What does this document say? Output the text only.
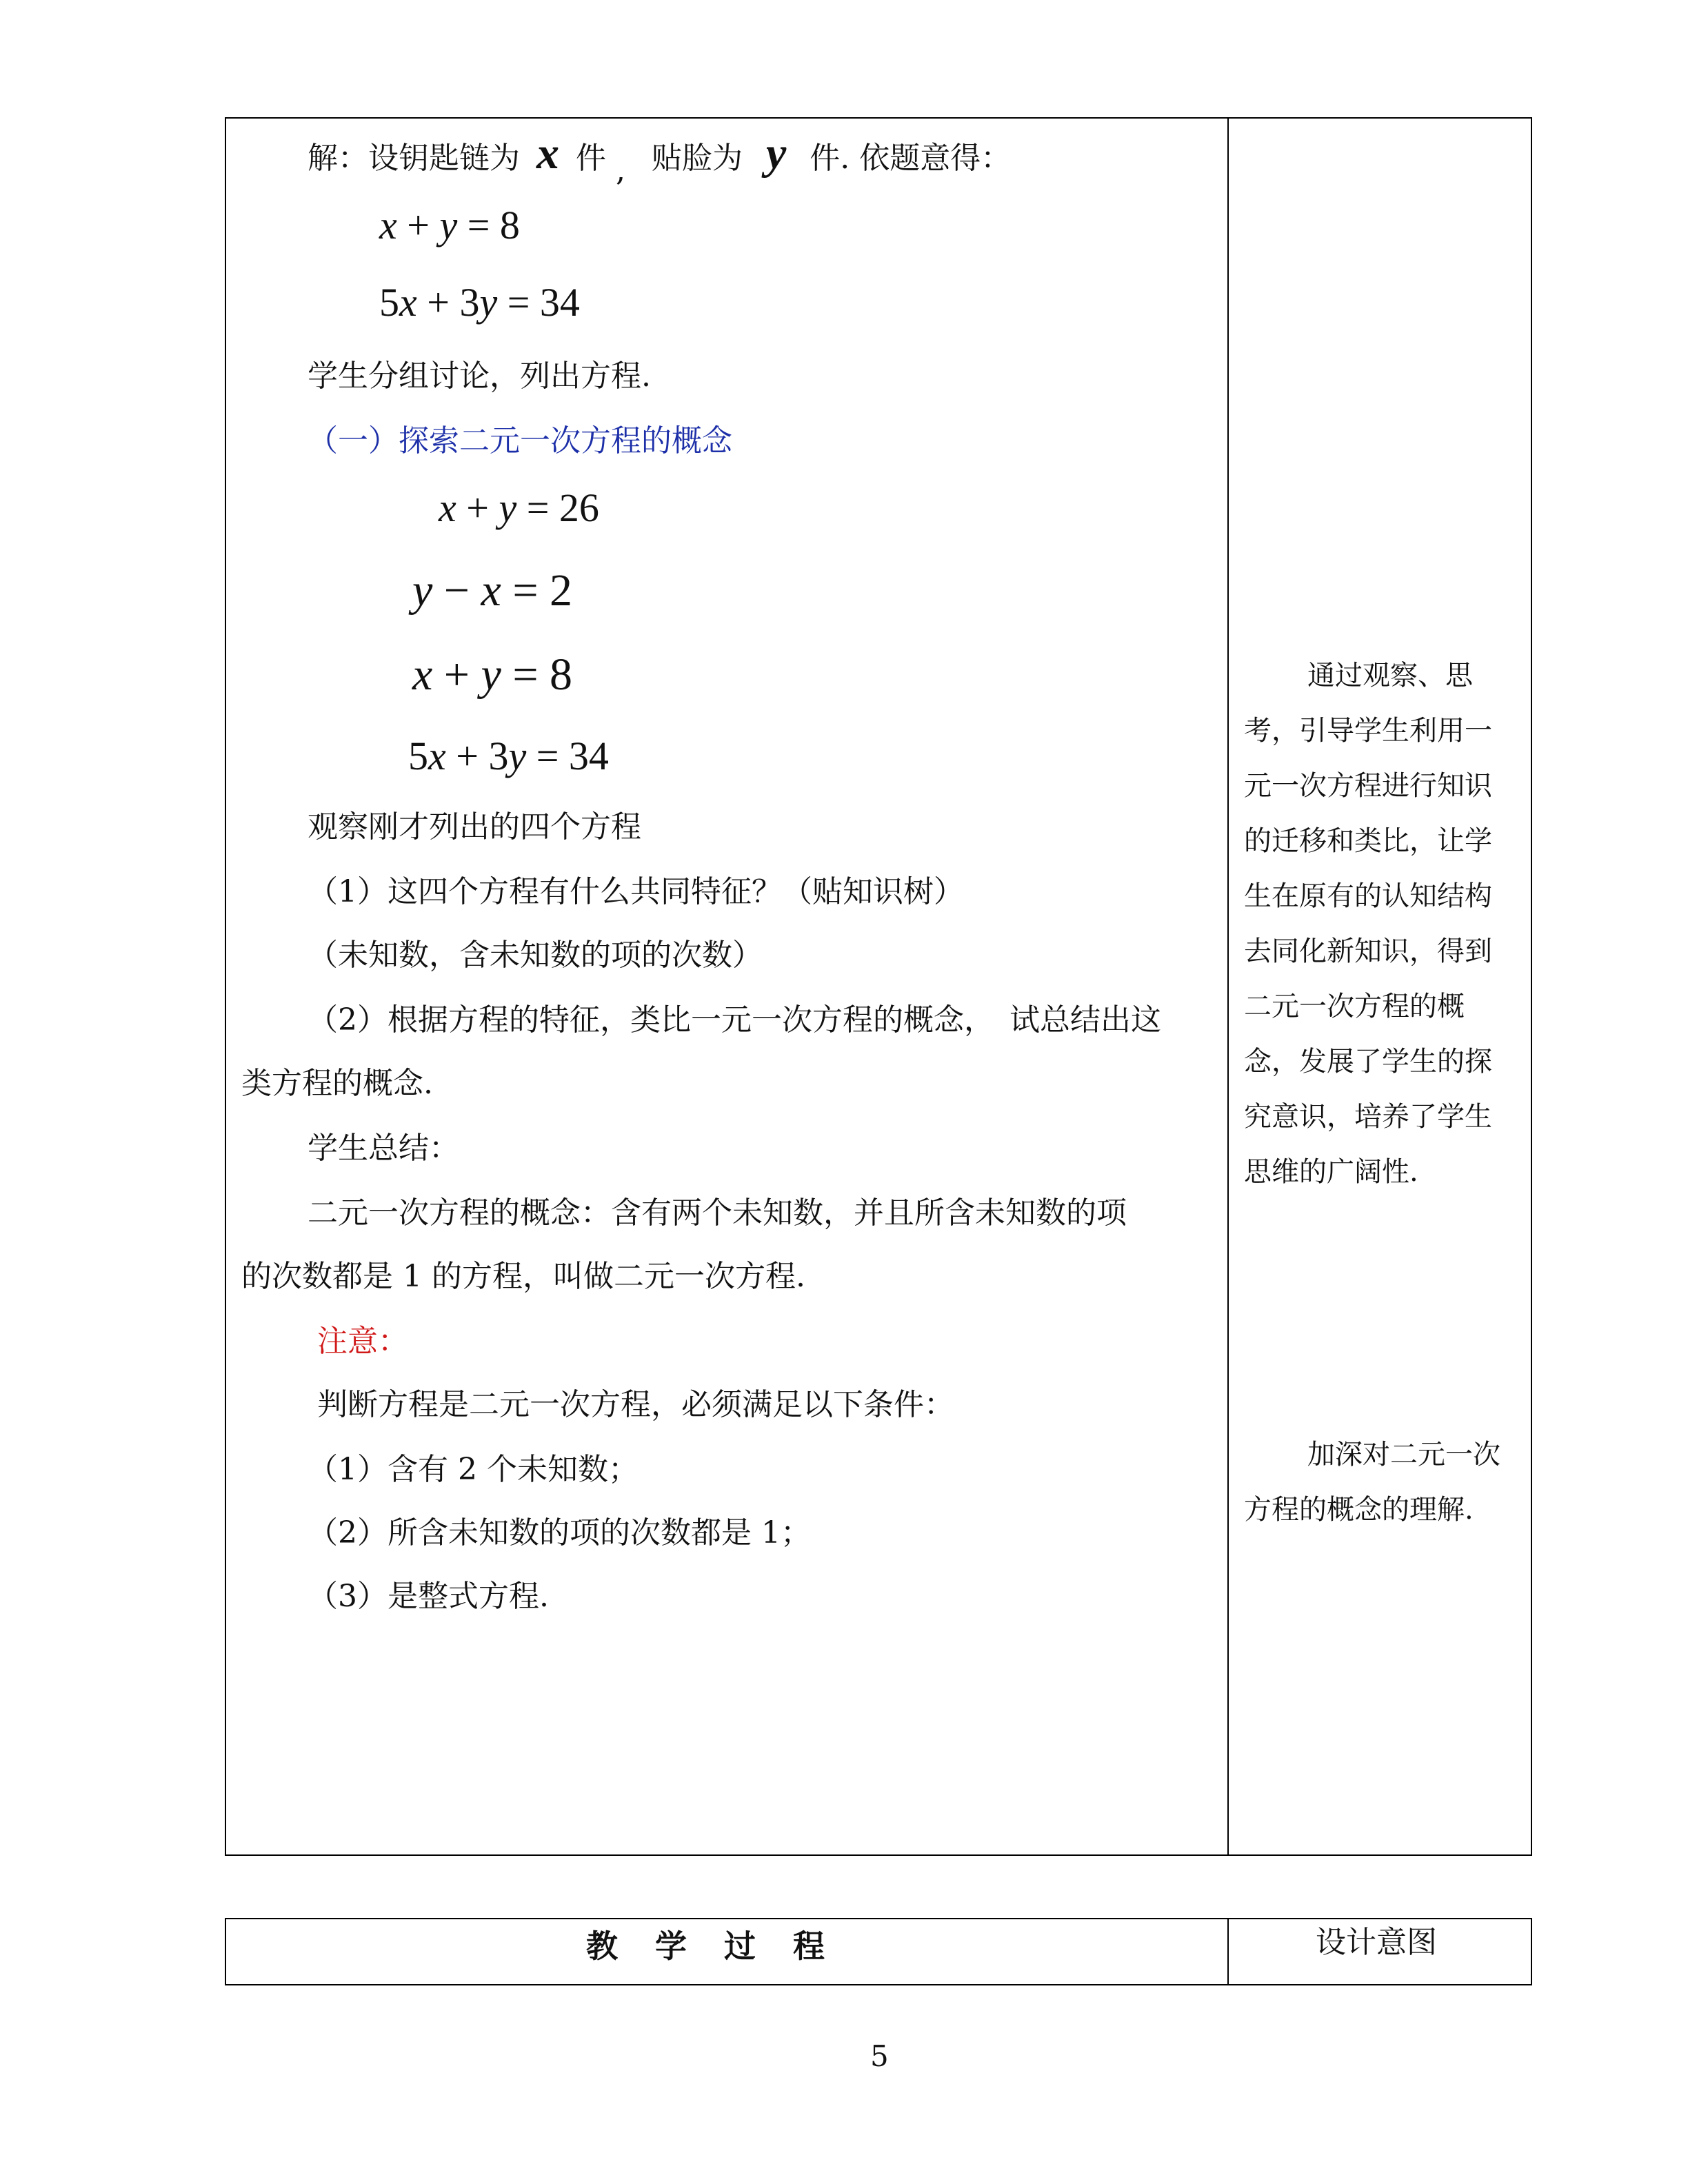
解：设钥匙链为 x 件 , 贴脸为 y 件. 依题意得：
x + y = 8
5x + 3y = 34
学生分组讨论，列出方程.
（一）探索二元一次方程的概念
x + y = 26
y − x = 2
x + y = 8
5x + 3y = 34
观察刚才列出的四个方程
（1）这四个方程有什么共同特征？（贴知识树）
（未知数，含未知数的项的次数）
（2）根据方程的特征，类比一元一次方程的概念，　试总结出这
类方程的概念.
学生总结：
二元一次方程的概念：含有两个未知数，并且所含未知数的项
的次数都是 1 的方程，叫做二元一次方程.
注意：
判断方程是二元一次方程，必须满足以下条件：
（1）含有 2 个未知数；
（2）所含未知数的项的次数都是 1；
（3）是整式方程.
通过观察、思
考，引导学生利用一
元一次方程进行知识
的迁移和类比，让学
生在原有的认知结构
去同化新知识，得到
二元一次方程的概
念，发展了学生的探
究意识，培养了学生
思维的广阔性.
加深对二元一次
方程的概念的理解.
教　学　过　程	设计意图
5
